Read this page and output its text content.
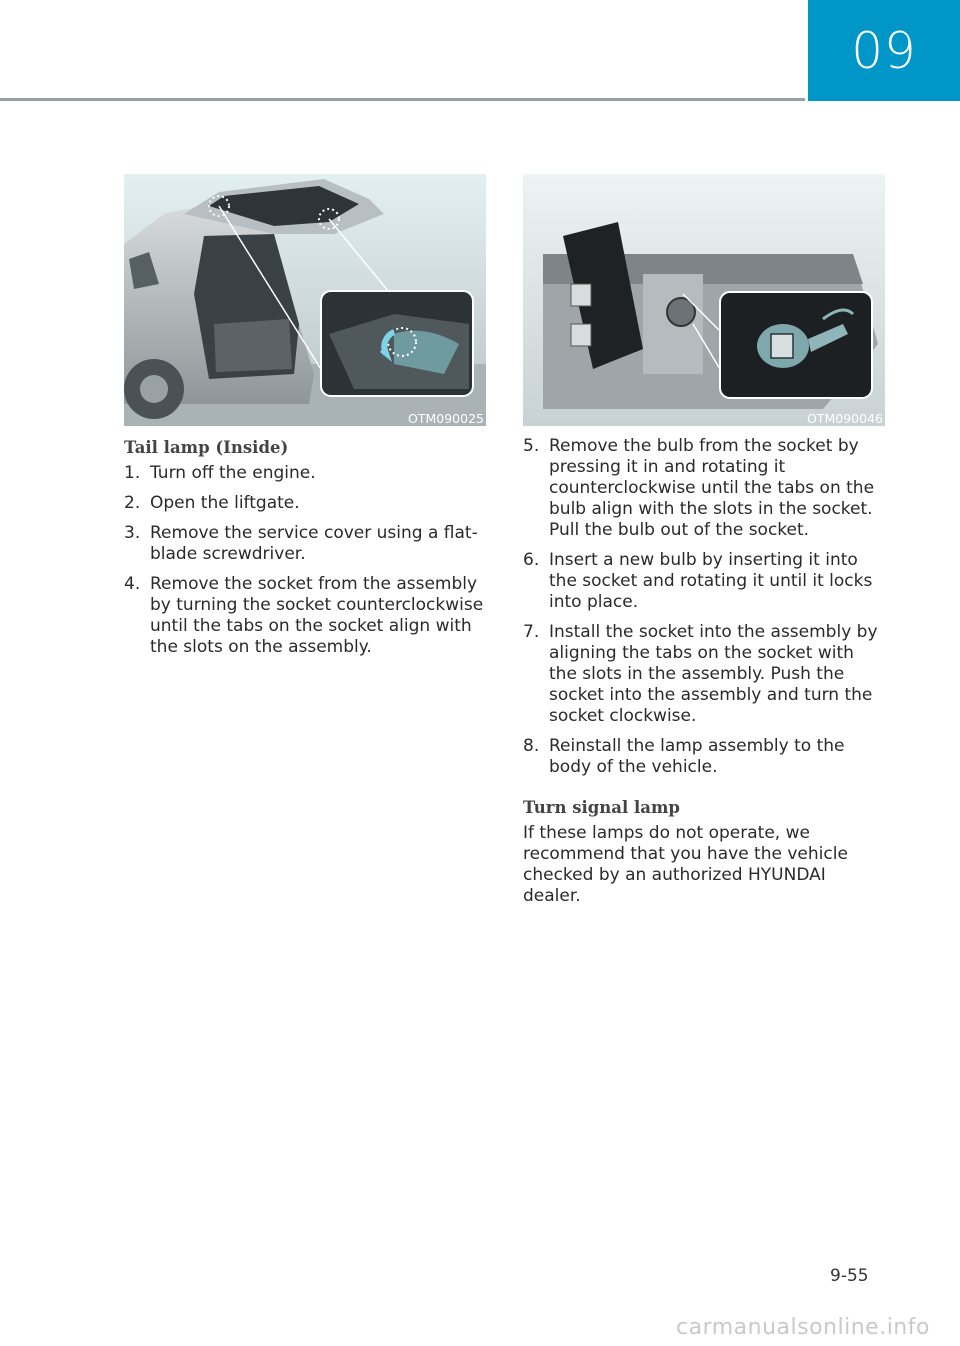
09
OTM090025
Tail lamp (Inside)
1. Turn off the engine.
2. Open the liftgate.
3. Remove the service cover using a flat-blade screwdriver.
4. Remove the socket from the assembly by turning the socket counterclockwise until the tabs on the socket align with the slots on the assembly.
OTM090046
5. Remove the bulb from the socket by pressing it in and rotating it counterclockwise until the tabs on the bulb align with the slots in the socket. Pull the bulb out of the socket.
6. Insert a new bulb by inserting it into the socket and rotating it until it locks into place.
7. Install the socket into the assembly by aligning the tabs on the socket with the slots in the assembly. Push the socket into the assembly and turn the socket clockwise.
8. Reinstall the lamp assembly to the body of the vehicle.
Turn signal lamp

If these lamps do not operate, we recommend that you have the vehicle checked by an authorized HYUNDAI dealer.

9-55
carmanualsonline.info
